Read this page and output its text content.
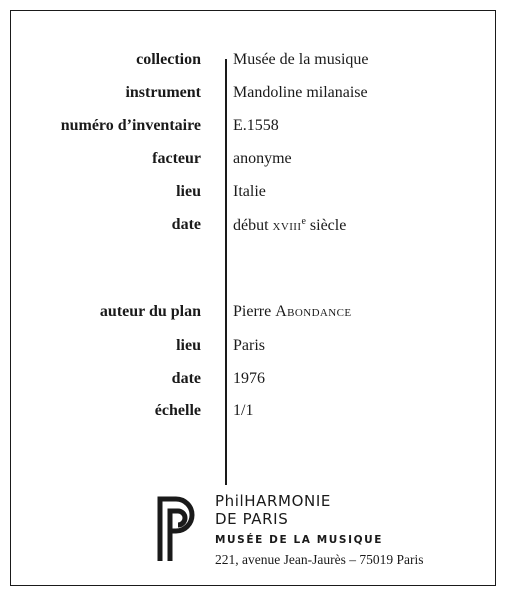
collection Musée de la musique
instrument Mandoline milanaise
numéro d’inventaire E.1558
facteur anonyme
lieu Italie
date début xviii$^e$ siècle
auteur du plan Pierre Abondance
lieu Paris
date 1976
échelle 1/1
PhilHARMONIE
DE PARIS
MUSÉE DE LA MUSIQUE
221, avenue Jean-Jaurès – 75019 Paris
